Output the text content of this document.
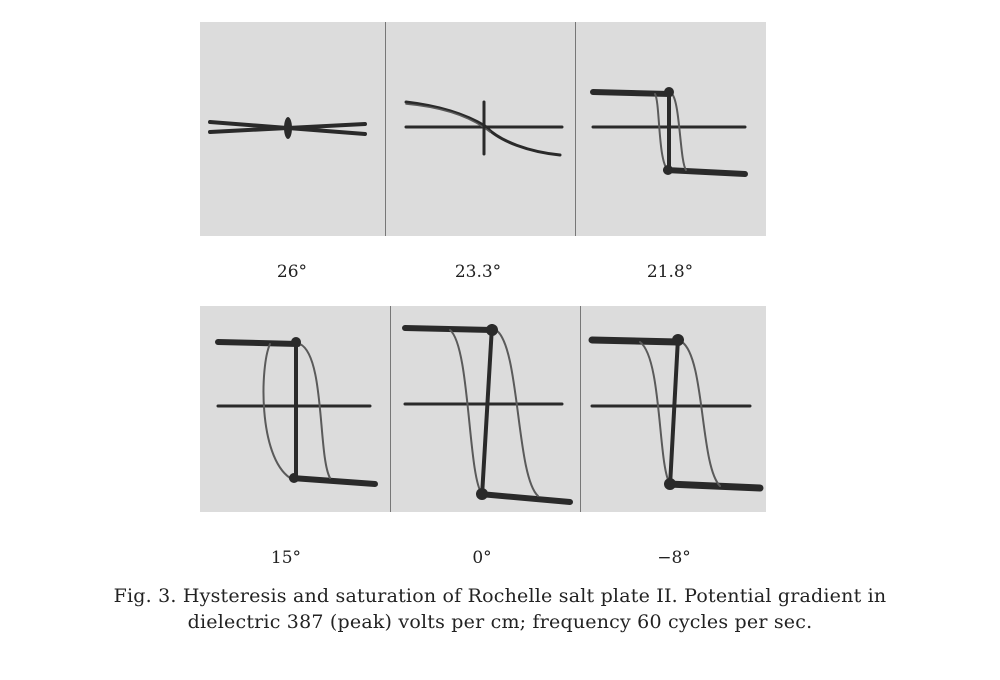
26°	23.3°	21.8°
15°	0°	−8°
Fig. 3. Hysteresis and saturation of Rochelle salt plate II. Potential gradient in
dielectric 387 (peak) volts per cm; frequency 60 cycles per sec.
